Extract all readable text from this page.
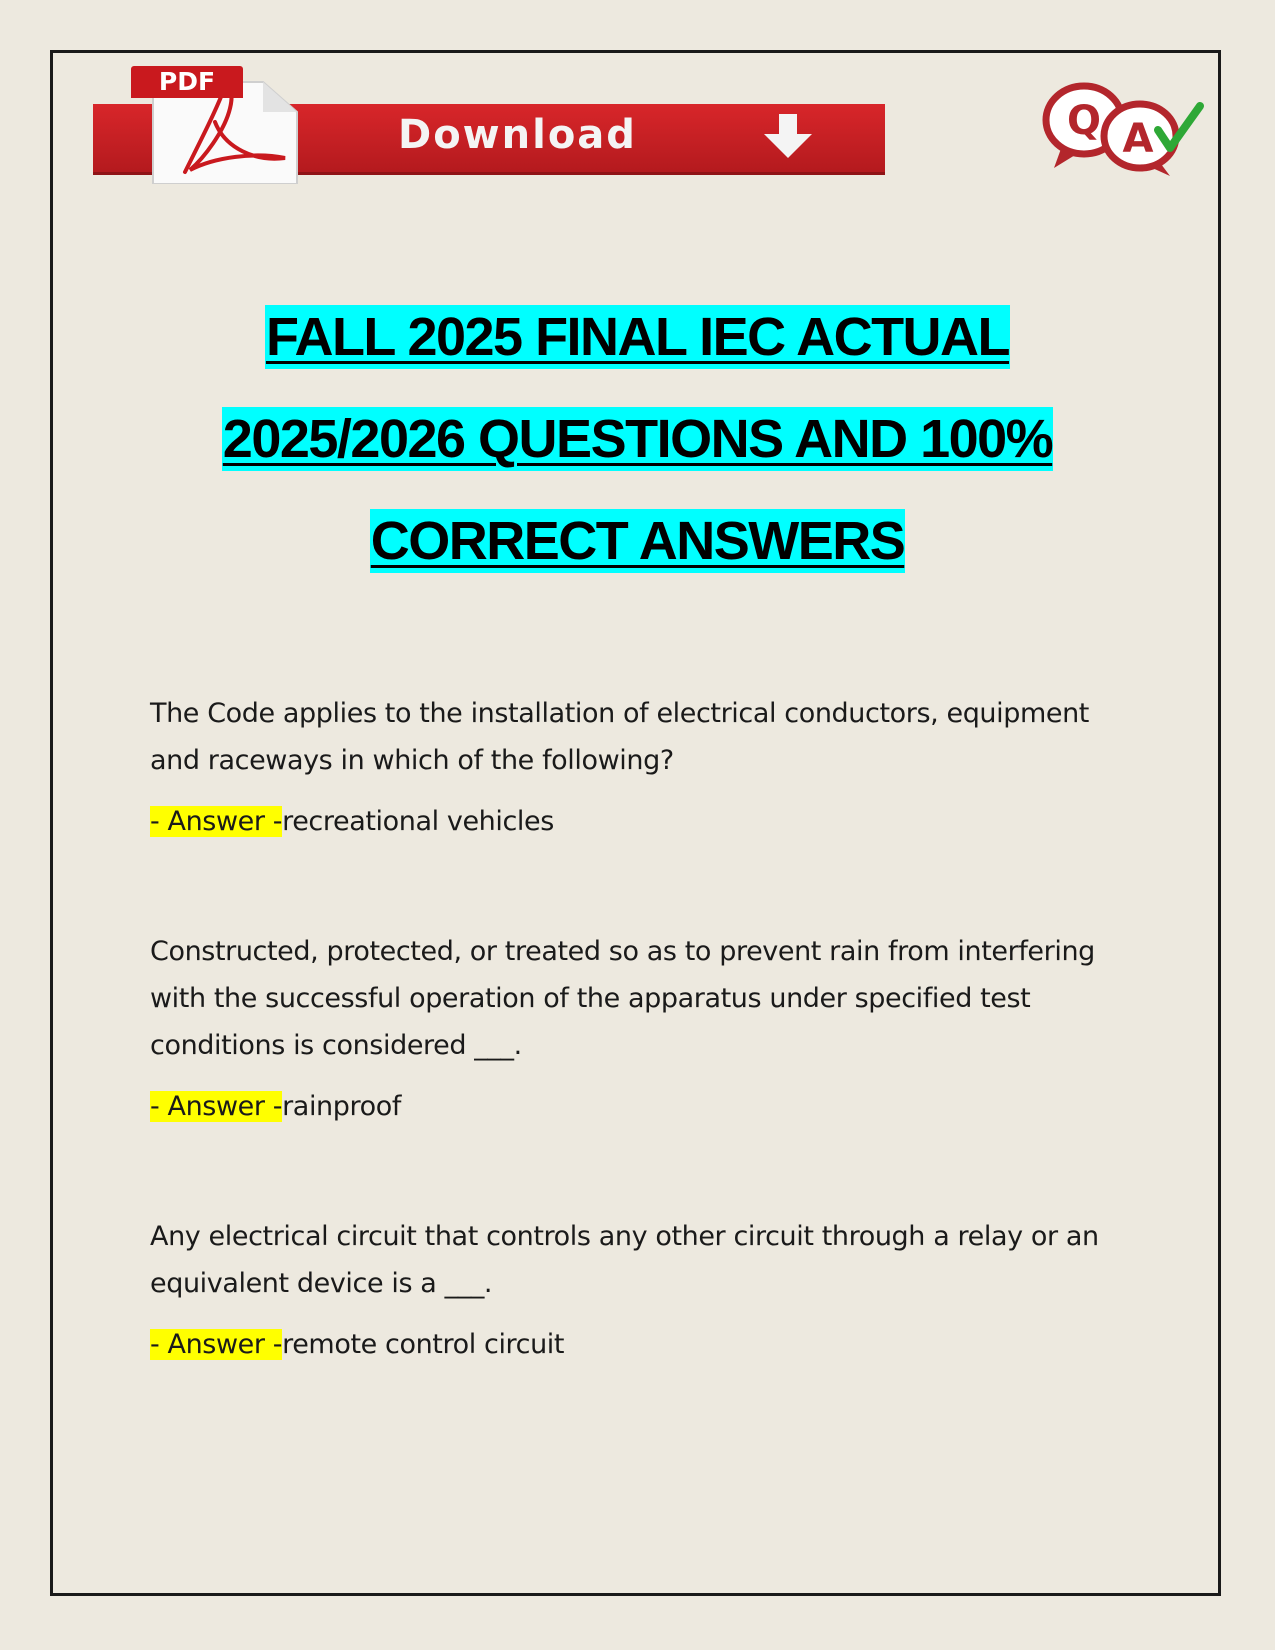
Download
PDF
Q A
FALL 2025 FINAL IEC ACTUAL
2025/2026 QUESTIONS AND 100%
CORRECT ANSWERS

The Code applies to the installation of electrical conductors, equipment and raceways in which of the following?

- Answer -recreational vehicles

Constructed, protected, or treated so as to prevent rain from interfering with the successful operation of the apparatus under specified test conditions is considered ___.

- Answer -rainproof

Any electrical circuit that controls any other circuit through a relay or an equivalent device is a ___.

- Answer -remote control circuit
